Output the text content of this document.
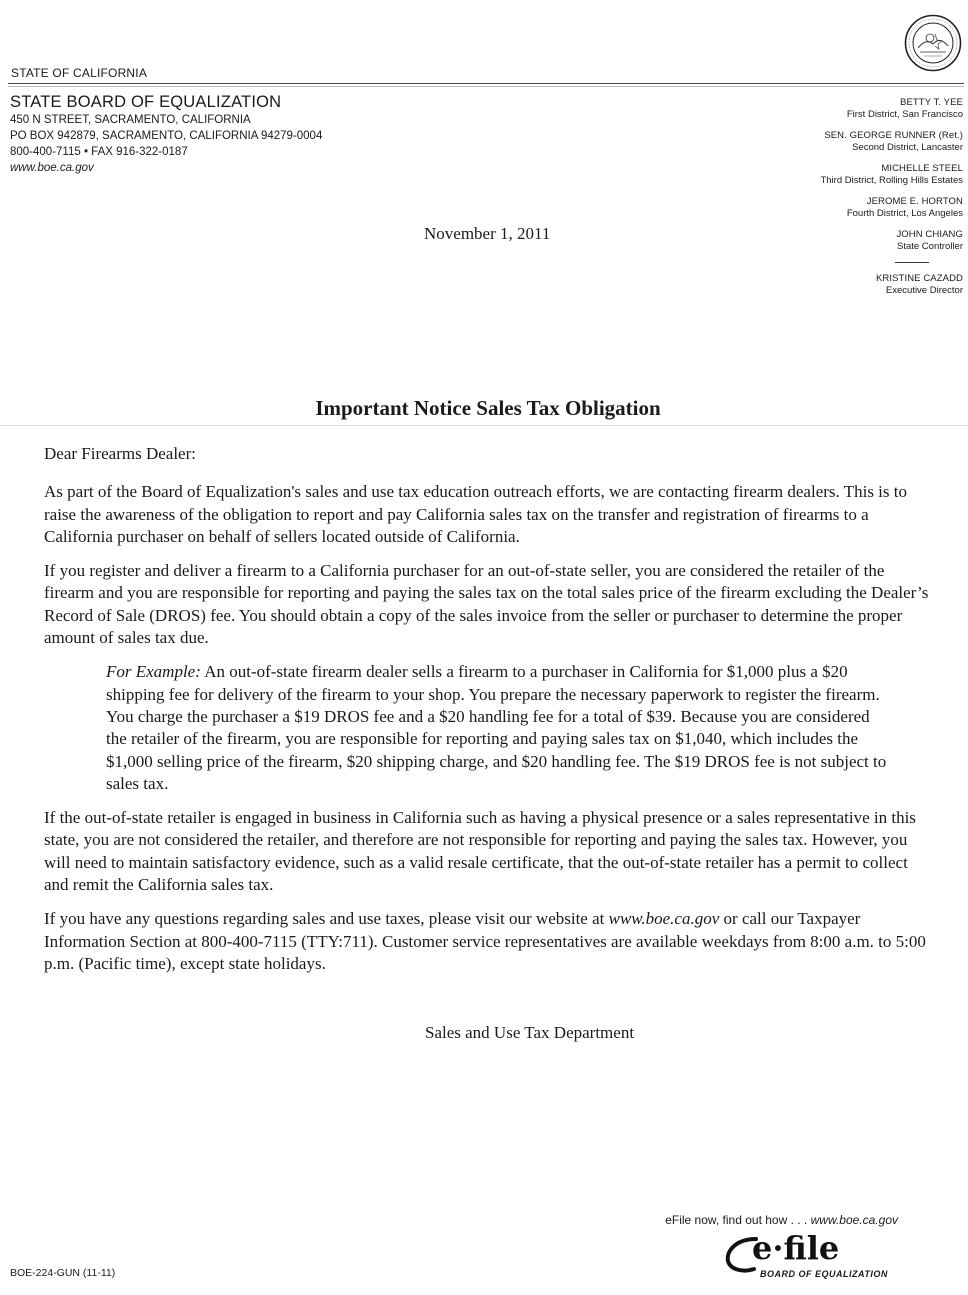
STATE OF CALIFORNIA
STATE BOARD OF EQUALIZATION
450 N STREET, SACRAMENTO, CALIFORNIA
PO BOX 942879, SACRAMENTO, CALIFORNIA 94279-0004
800-400-7115 • FAX 916-322-0187
www.boe.ca.gov
BETTY T. YEE
First District, San Francisco
SEN. GEORGE RUNNER (Ret.)
Second District, Lancaster
MICHELLE STEEL
Third District, Rolling Hills Estates
JEROME E. HORTON
Fourth District, Los Angeles
JOHN CHIANG
State Controller
KRISTINE CAZADD
Executive Director
November 1, 2011
Important Notice Sales Tax Obligation

Dear Firearms Dealer:

As part of the Board of Equalization's sales and use tax education outreach efforts, we are contacting firearm dealers. This is to raise the awareness of the obligation to report and pay California sales tax on the transfer and registration of firearms to a California purchaser on behalf of sellers located outside of California.

If you register and deliver a firearm to a California purchaser for an out-of-state seller, you are considered the retailer of the firearm and you are responsible for reporting and paying the sales tax on the total sales price of the firearm excluding the Dealer’s Record of Sale (DROS) fee. You should obtain a copy of the sales invoice from the seller or purchaser to determine the proper amount of sales tax due.

For Example: An out-of-state firearm dealer sells a firearm to a purchaser in California for $1,000 plus a $20 shipping fee for delivery of the firearm to your shop. You prepare the necessary paperwork to register the firearm. You charge the purchaser a $19 DROS fee and a $20 handling fee for a total of $39. Because you are considered the retailer of the firearm, you are responsible for reporting and paying sales tax on $1,040, which includes the $1,000 selling price of the firearm, $20 shipping charge, and $20 handling fee. The $19 DROS fee is not subject to sales tax.

If the out-of-state retailer is engaged in business in California such as having a physical presence or a sales representative in this state, you are not considered the retailer, and therefore are not responsible for reporting and paying the sales tax. However, you will need to maintain satisfactory evidence, such as a valid resale certificate, that the out-of-state retailer has a permit to collect and remit the California sales tax.

If you have any questions regarding sales and use taxes, please visit our website at www.boe.ca.gov or call our Taxpayer Information Section at 800-400-7115 (TTY:711). Customer service representatives are available weekdays from 8:00 a.m. to 5:00 p.m. (Pacific time), except state holidays.

Sales and Use Tax Department
eFile now, find out how . . . www.boe.ca.gov
e·file
BOARD OF EQUALIZATION
BOE-224-GUN (11-11)
